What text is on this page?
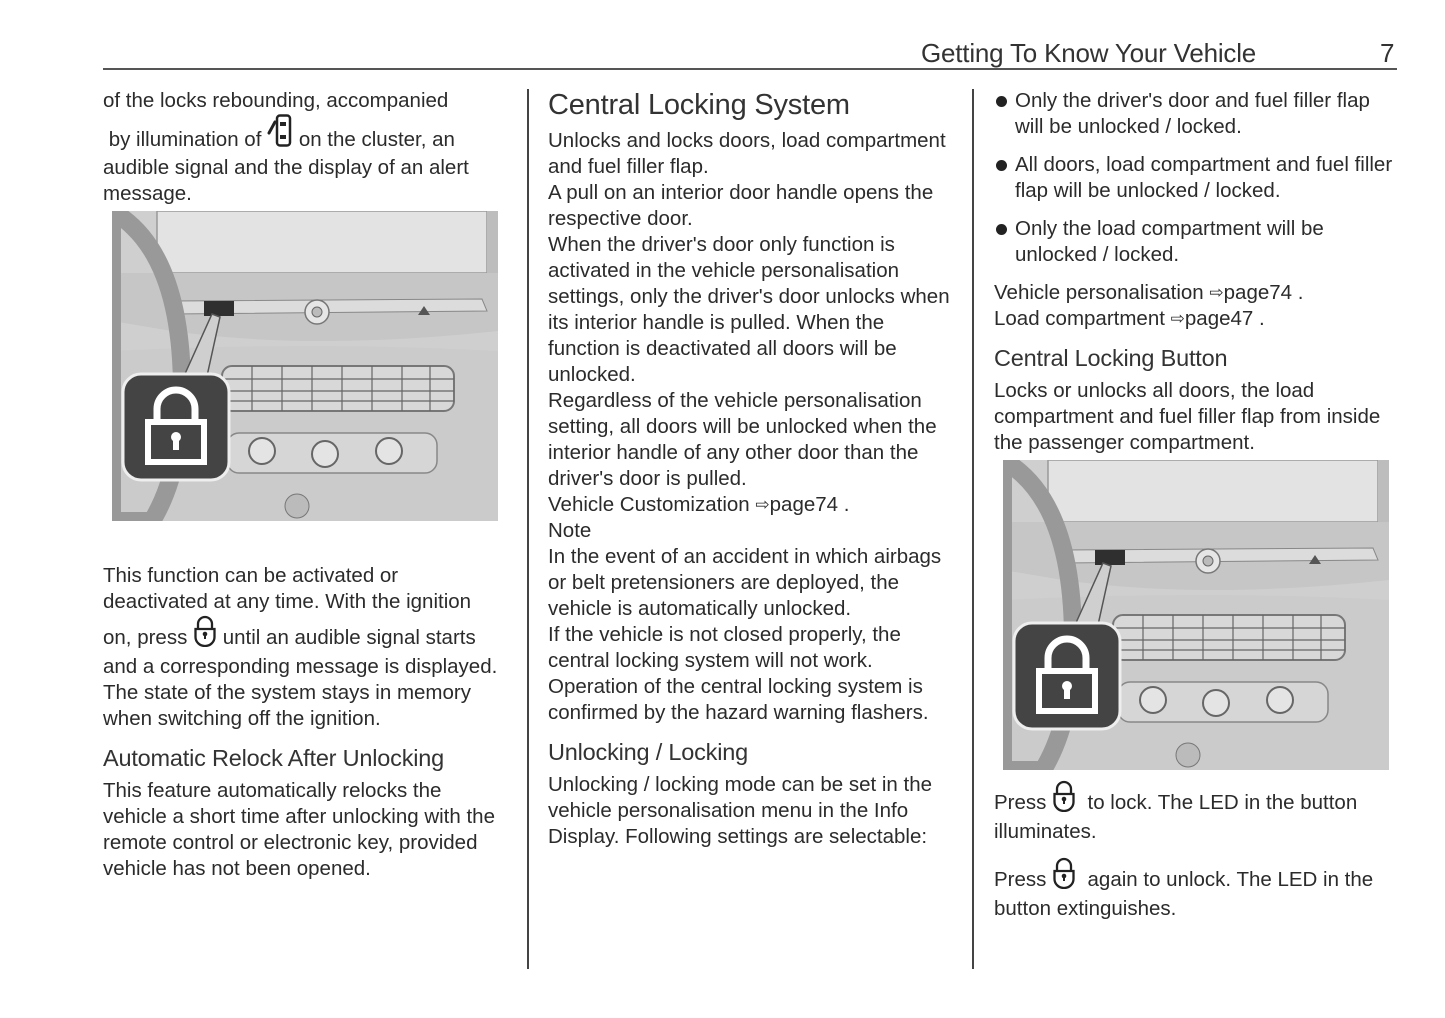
Getting To Know Your Vehicle	7

of the locks rebounding, accompanied
by illumination of on the cluster, an audible signal and the display of an alert message.

This function can be activated or deactivated at any time. With the ignition on, press until an audible signal starts and a corresponding message is displayed.

The state of the system stays in memory when switching off the ignition.

Automatic Relock After Unlocking

This feature automatically relocks the vehicle a short time after unlocking with the remote control or electronic key, provided vehicle has not been opened.

Central Locking System

Unlocks and locks doors, load compartment and fuel filler flap.

A pull on an interior door handle opens the respective door.

When the driver's door only function is activated in the vehicle personalisation settings, only the driver's door unlocks when its interior handle is pulled. When the function is deactivated all doors will be unlocked.

Regardless of the vehicle personalisation setting, all doors will be unlocked when the interior handle of any other door than the driver's door is pulled.

Vehicle Customization ⇨page74 .

Note

In the event of an accident in which airbags or belt pretensioners are deployed, the vehicle is automatically unlocked.

If the vehicle is not closed properly, the central locking system will not work.

Operation of the central locking system is confirmed by the hazard warning flashers.

Unlocking / Locking

Unlocking / locking mode can be set in the vehicle personalisation menu in the Info Display. Following settings are selectable:

Only the driver's door and fuel filler flap will be unlocked / locked.
All doors, load compartment and fuel filler flap will be unlocked / locked.
Only the load compartment will be unlocked / locked.

Vehicle personalisation ⇨page74 .

Load compartment ⇨page47 .

Central Locking Button

Locks or unlocks all doors, the load compartment and fuel filler flap from inside the passenger compartment.

Press to lock. The LED in the button illuminates.

Press again to unlock. The LED in the button extinguishes.
